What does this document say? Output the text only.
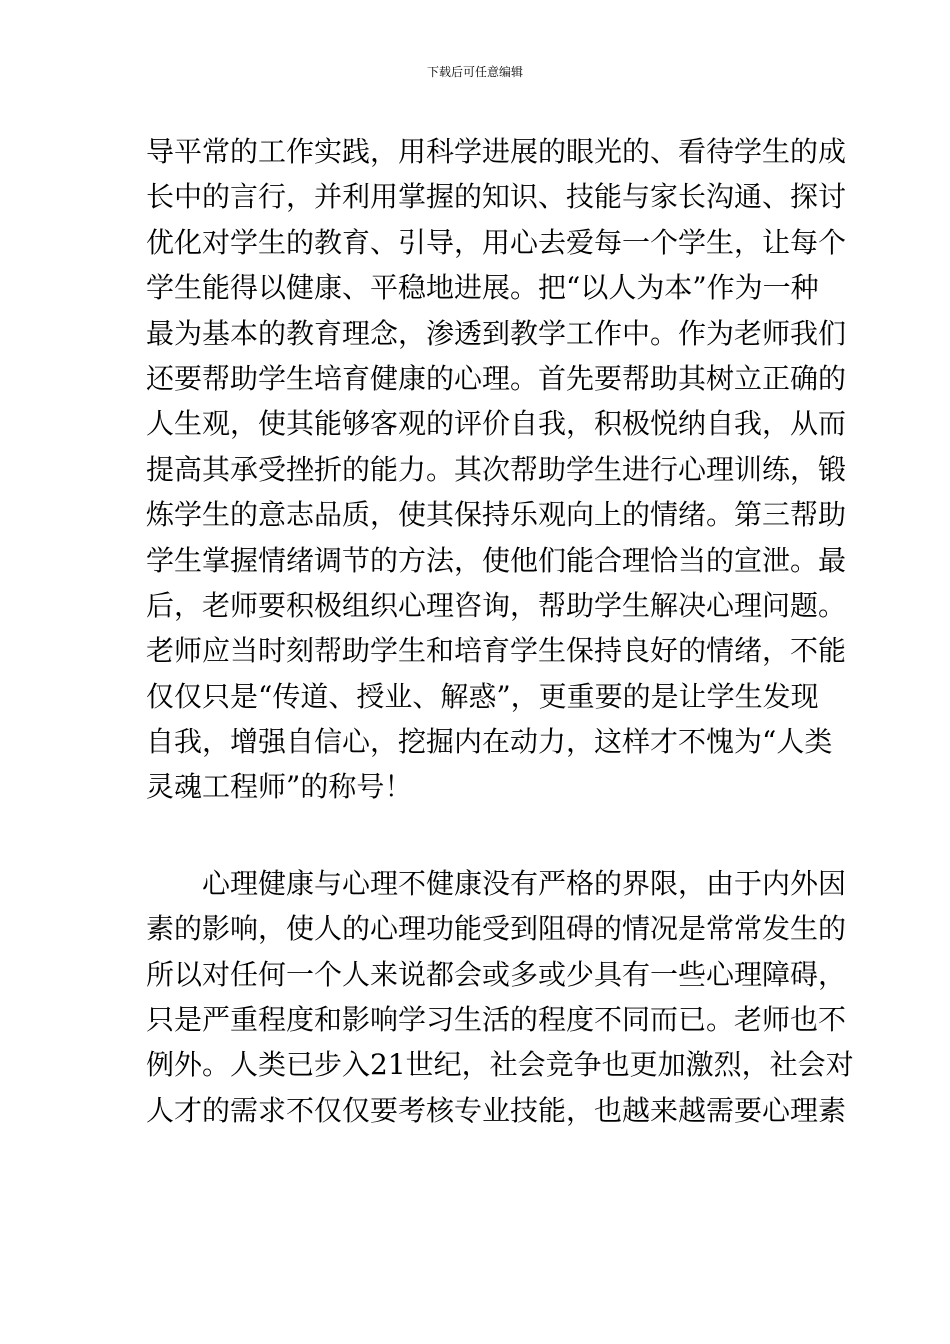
下载后可任意编辑
导平常的工作实践，用科学进展的眼光的、看待学生的成
长中的言行，并利用掌握的知识、技能与家长沟通、探讨
优化对学生的教育、引导，用心去爱每一个学生，让每个
学生能得以健康、平稳地进展。把“以人为本”作为一种
最为基本的教育理念，渗透到教学工作中。作为老师我们
还要帮助学生培育健康的心理。首先要帮助其树立正确的
人生观，使其能够客观的评价自我，积极悦纳自我，从而
提高其承受挫折的能力。其次帮助学生进行心理训练，锻
炼学生的意志品质，使其保持乐观向上的情绪。第三帮助
学生掌握情绪调节的方法，使他们能合理恰当的宣泄。最
后，老师要积极组织心理咨询，帮助学生解决心理问题。
老师应当时刻帮助学生和培育学生保持良好的情绪，不能
仅仅只是“传道、授业、解惑”，更重要的是让学生发现
自我，增强自信心，挖掘内在动力，这样才不愧为“人类
灵魂工程师”的称号！
　　心理健康与心理不健康没有严格的界限，由于内外因
素的影响，使人的心理功能受到阻碍的情况是常常发生的
所以对任何一个人来说都会或多或少具有一些心理障碍，
只是严重程度和影响学习生活的程度不同而已。老师也不
例外。人类已步入21世纪，社会竞争也更加激烈，社会对
人才的需求不仅仅要考核专业技能，也越来越需要心理素
